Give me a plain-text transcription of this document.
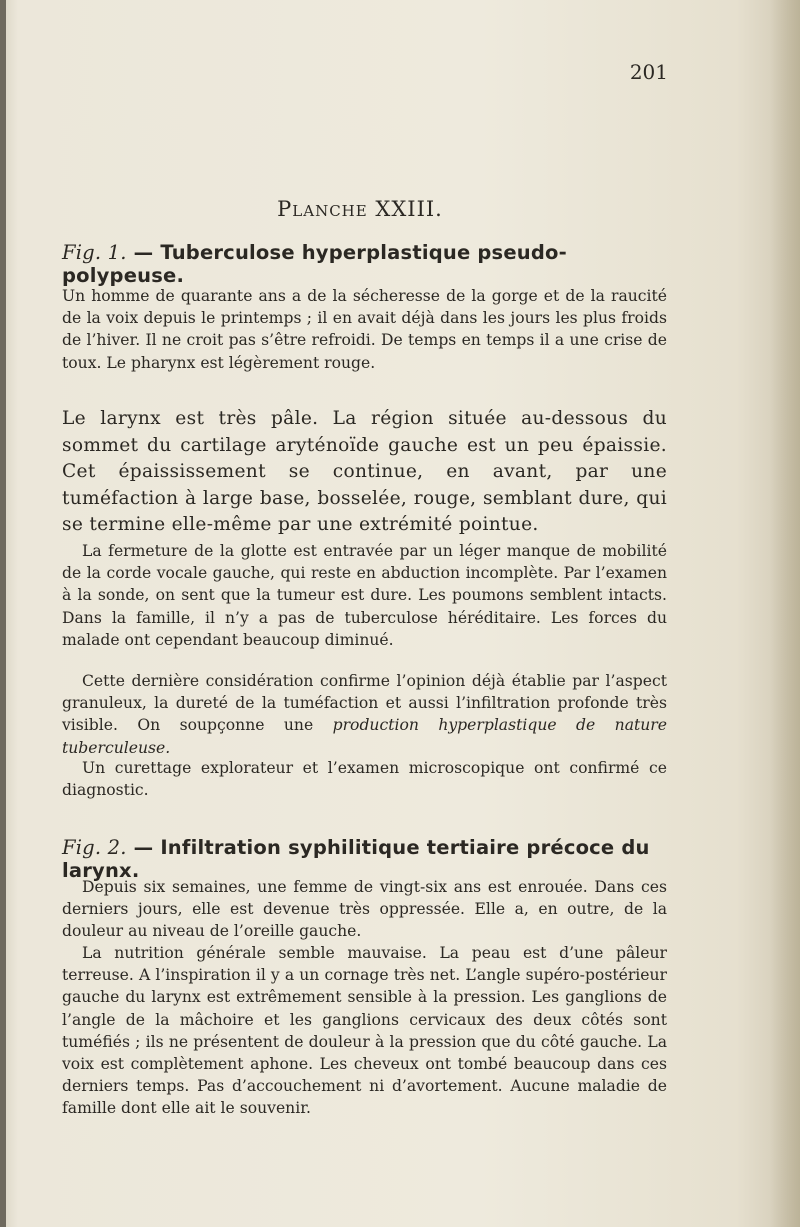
201
Planche XXIII.
Fig. 1. — Tuberculose hyperplastique pseudo-polypeuse.

Un homme de quarante ans a de la sécheresse de la gorge et de la raucité de la voix depuis le printemps ; il en avait déjà dans les jours les plus froids de l’hiver. Il ne croit pas s’être refroidi. De temps en temps il a une crise de toux. Le pharynx est légèrement rouge.

Le larynx est très pâle. La région située au-dessous du sommet du cartilage aryténoïde gauche est un peu épaissie. Cet épaississement se continue, en avant, par une tuméfaction à large base, bosselée, rouge, semblant dure, qui se termine elle-même par une extrémité pointue.

La fermeture de la glotte est entravée par un léger manque de mobilité de la corde vocale gauche, qui reste en abduction incomplète. Par l’examen à la sonde, on sent que la tumeur est dure. Les poumons semblent intacts. Dans la famille, il n’y a pas de tuberculose héréditaire. Les forces du malade ont cependant beaucoup diminué.

Cette dernière considération confirme l’opinion déjà établie par l’aspect granuleux, la dureté de la tuméfaction et aussi l’infiltration profonde très visible. On soupçonne une production hyperplastique de nature tuberculeuse.

Un curettage explorateur et l’examen microscopique ont confirmé ce diagnostic.

Fig. 2. — Infiltration syphilitique tertiaire précoce du larynx.

Depuis six semaines, une femme de vingt-six ans est enrouée. Dans ces derniers jours, elle est devenue très oppressée. Elle a, en outre, de la douleur au niveau de l’oreille gauche.

La nutrition générale semble mauvaise. La peau est d’une pâleur terreuse. A l’inspiration il y a un cornage très net. L’angle supéro-postérieur gauche du larynx est extrêmement sensible à la pression. Les ganglions de l’angle de la mâchoire et les ganglions cervicaux des deux côtés sont tuméfiés ; ils ne présentent de douleur à la pression que du côté gauche. La voix est complètement aphone. Les cheveux ont tombé beaucoup dans ces derniers temps. Pas d’accouchement ni d’avortement. Aucune maladie de famille dont elle ait le souvenir.
